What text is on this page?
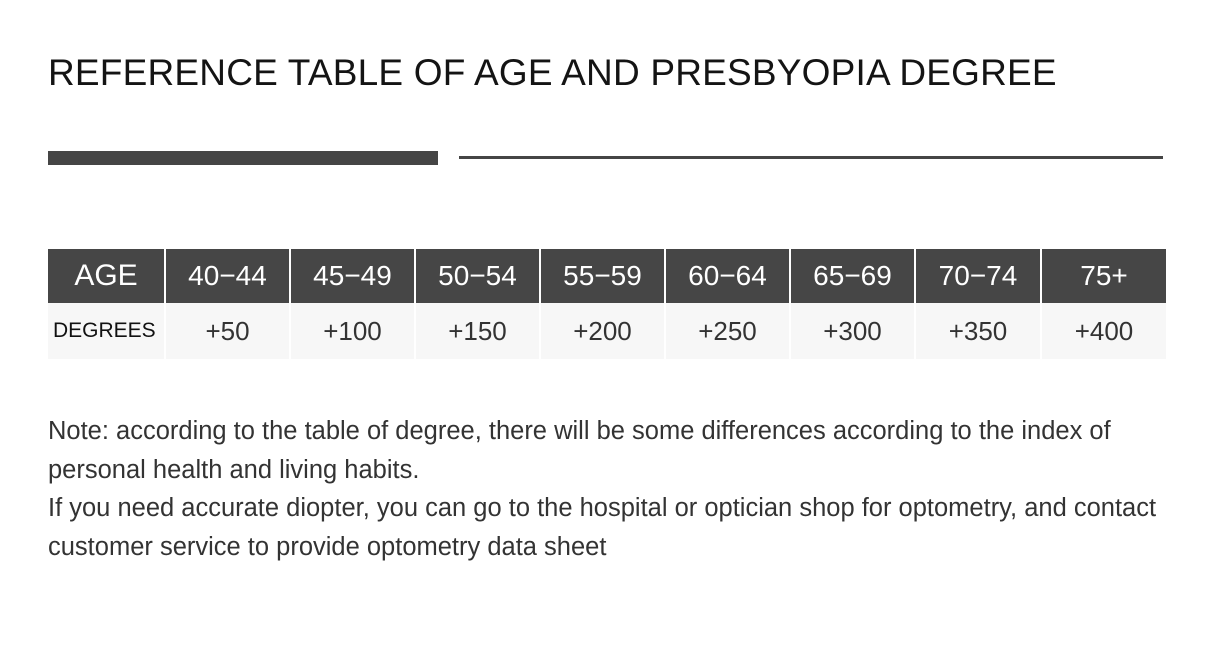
REFERENCE TABLE OF AGE AND PRESBYOPIA DEGREE
AGE	40−44	45−49	50−54	55−59	60−64	65−69	70−74	75+
DEGREES	+50	+100	+150	+200	+250	+300	+350	+400

Note: according to the table of degree, there will be some differences according to the index of personal health and living habits.

If you need accurate diopter, you can go to the hospital or optician shop for optometry, and contact customer service to provide optometry data sheet
